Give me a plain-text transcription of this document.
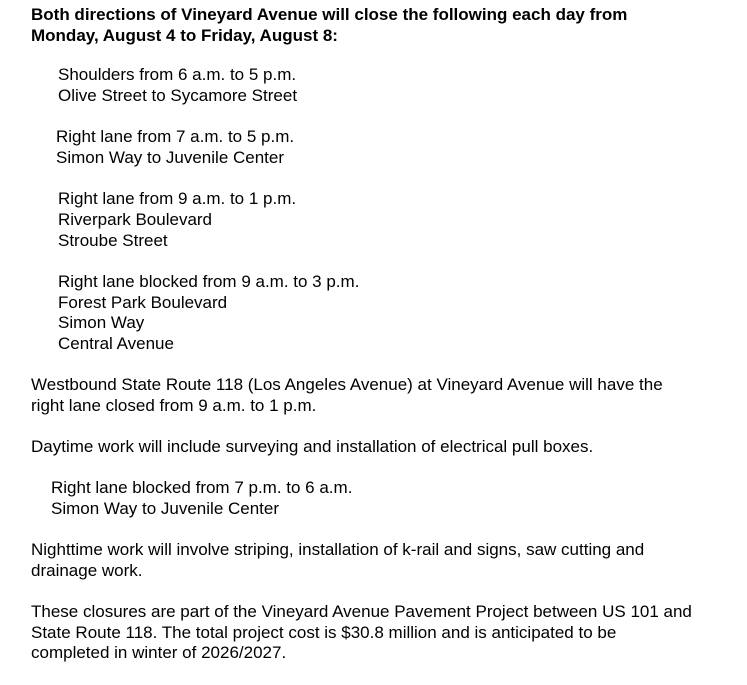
Both directions of Vineyard Avenue will close the following each day from
Monday, August 4 to Friday, August 8:
Shoulders from 6 a.m. to 5 p.m.
Olive Street to Sycamore Street
Right lane from 7 a.m. to 5 p.m.
Simon Way to Juvenile Center
Right lane from 9 a.m. to 1 p.m.
Riverpark Boulevard
Stroube Street
Right lane blocked from 9 a.m. to 3 p.m.
Forest Park Boulevard
Simon Way
Central Avenue
Westbound State Route 118 (Los Angeles Avenue) at Vineyard Avenue will have the
right lane closed from 9 a.m. to 1 p.m.
Daytime work will include surveying and installation of electrical pull boxes.
Right lane blocked from 7 p.m. to 6 a.m.
Simon Way to Juvenile Center
Nighttime work will involve striping, installation of k-rail and signs, saw cutting and
drainage work.
These closures are part of the Vineyard Avenue Pavement Project between US 101 and
State Route 118. The total project cost is $30.8 million and is anticipated to be
completed in winter of 2026/2027.
